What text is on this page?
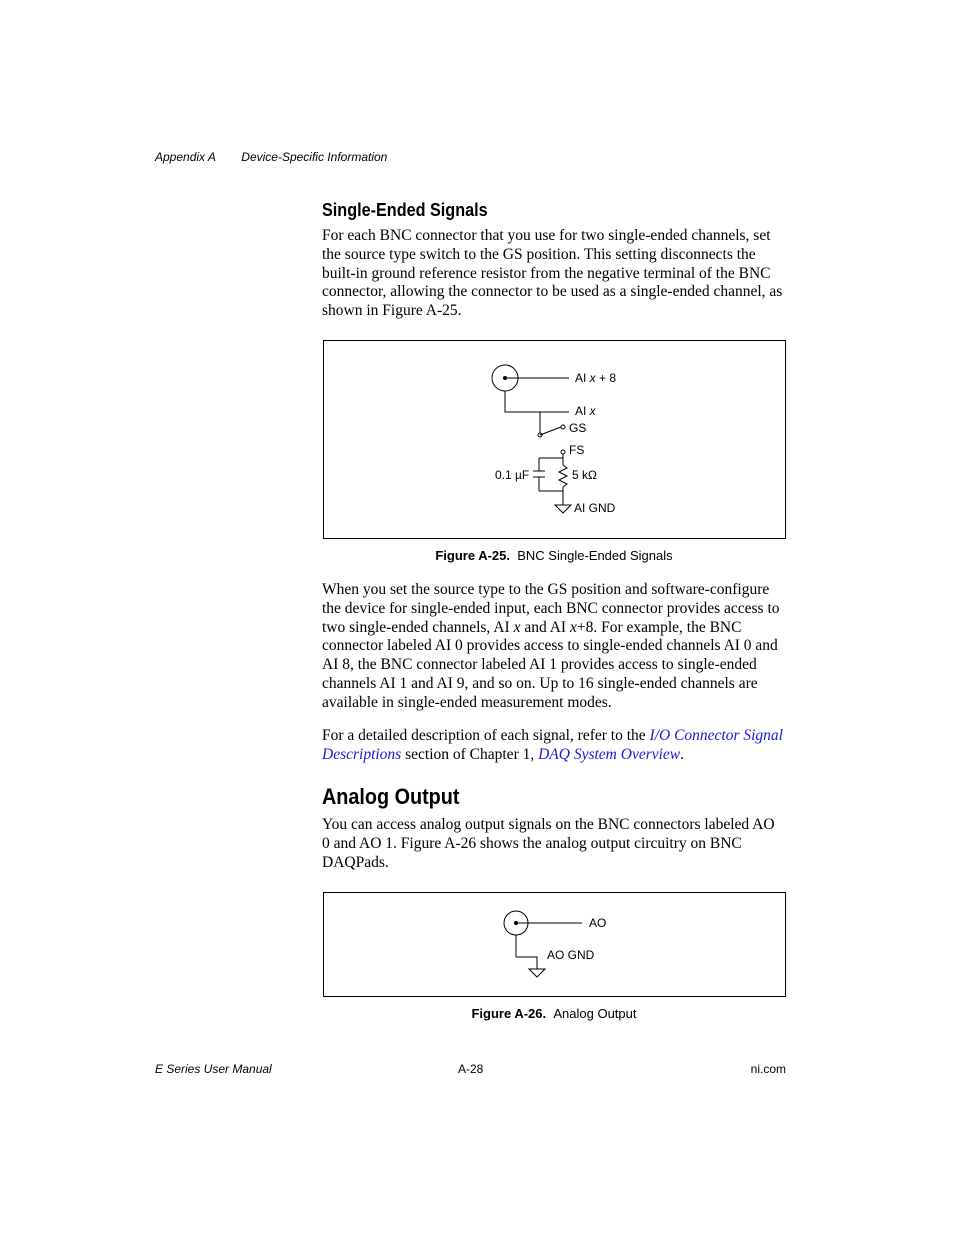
Appendix A Device-Specific Information
Single-Ended Signals

For each BNC connector that you use for two single-ended channels, set the source type switch to the GS position. This setting disconnects the built-in ground reference resistor from the negative terminal of the BNC connector, allowing the connector to be used as a single-ended channel, as shown in Figure A-25.

AI x + 8
AI x
GS
FS
0.1 µF	5 kΩ
AI GND
Figure A-25. BNC Single-Ended Signals

When you set the source type to the GS position and software-configure the device for single-ended input, each BNC connector provides access to two single-ended channels, AI x and AI x+8. For example, the BNC connector labeled AI 0 provides access to single-ended channels AI 0 and AI 8, the BNC connector labeled AI 1 provides access to single-ended channels AI 1 and AI 9, and so on. Up to 16 single-ended channels are available in single-ended measurement modes.

For a detailed description of each signal, refer to the I/O Connector Signal Descriptions section of Chapter 1, DAQ System Overview.

Analog Output

You can access analog output signals on the BNC connectors labeled AO 0 and AO 1. Figure A-26 shows the analog output circuitry on BNC DAQPads.

AO
AO GND
Figure A-26. Analog Output
E Series User Manual	A-28	ni.com
